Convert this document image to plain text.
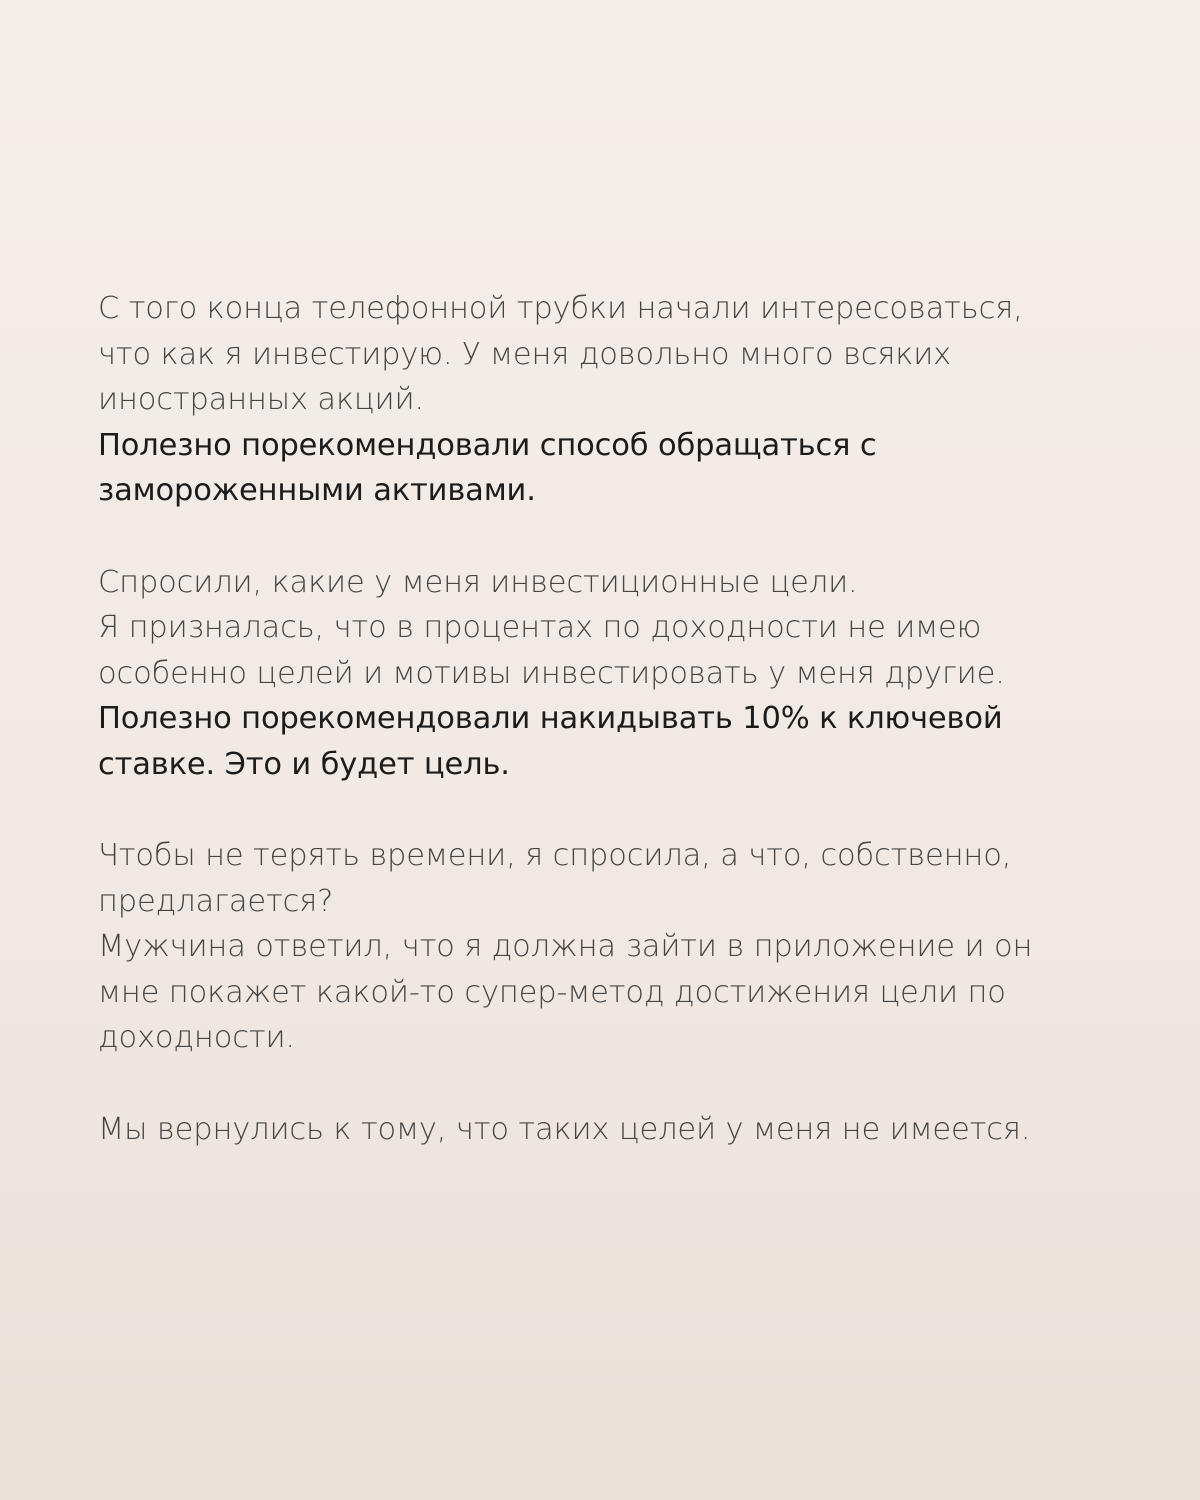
С того конца телефонной трубки начали интересоваться,
что как я инвестирую. У меня довольно много всяких
иностранных акций.
Полезно порекомендовали способ обращаться с
замороженными активами.
Спросили, какие у меня инвестиционные цели.
Я призналась, что в процентах по доходности не имею
особенно целей и мотивы инвестировать у меня другие.
Полезно порекомендовали накидывать 10% к ключевой
ставке. Это и будет цель.
Чтобы не терять времени, я спросила, а что, собственно,
предлагается?
Мужчина ответил, что я должна зайти в приложение и он
мне покажет какой-то супер-метод достижения цели по
доходности.
Мы вернулись к тому, что таких целей у меня не имеется.
